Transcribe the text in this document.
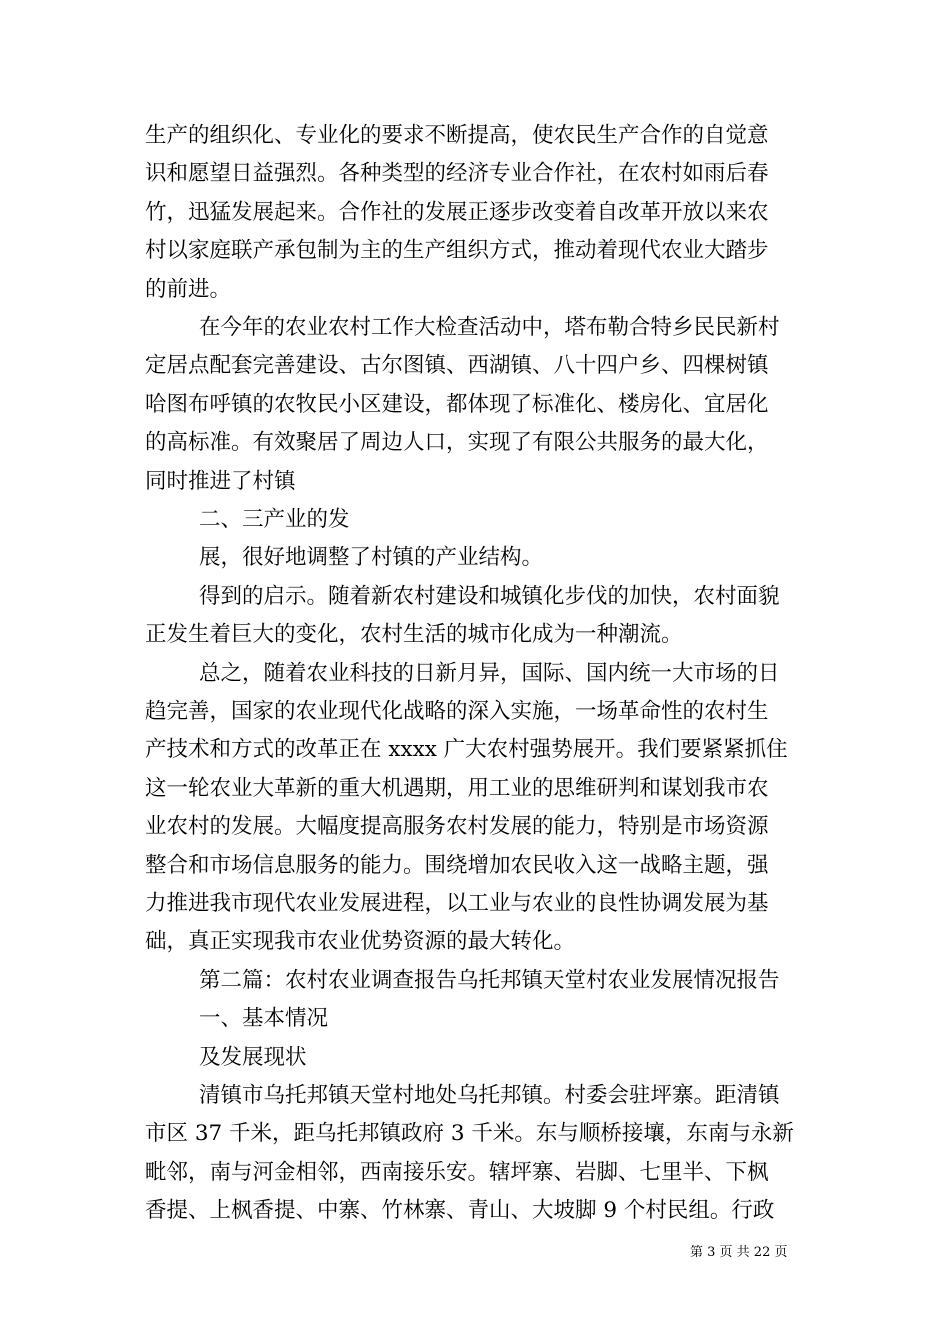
生产的组织化、专业化的要求不断提高，使农民生产合作的自觉意
识和愿望日益强烈。各种类型的经济专业合作社，在农村如雨后春
竹，迅猛发展起来。合作社的发展正逐步改变着自改革开放以来农
村以家庭联产承包制为主的生产组织方式，推动着现代农业大踏步
的前进。
在今年的农业农村工作大检查活动中，塔布勒合特乡民民新村
定居点配套完善建设、古尔图镇、西湖镇、八十四户乡、四棵树镇
哈图布呼镇的农牧民小区建设，都体现了标准化、楼房化、宜居化
的高标准。有效聚居了周边人口，实现了有限公共服务的最大化，
同时推进了村镇
二、三产业的发
展，很好地调整了村镇的产业结构。
得到的启示。随着新农村建设和城镇化步伐的加快，农村面貌
正发生着巨大的变化，农村生活的城市化成为一种潮流。
总之，随着农业科技的日新月异，国际、国内统一大市场的日
趋完善，国家的农业现代化战略的深入实施，一场革命性的农村生
产技术和方式的改革正在 xxxx 广大农村强势展开。我们要紧紧抓住
这一轮农业大革新的重大机遇期，用工业的思维研判和谋划我市农
业农村的发展。大幅度提高服务农村发展的能力，特别是市场资源
整合和市场信息服务的能力。围绕增加农民收入这一战略主题，强
力推进我市现代农业发展进程，以工业与农业的良性协调发展为基
础，真正实现我市农业优势资源的最大转化。
第二篇：农村农业调查报告乌托邦镇天堂村农业发展情况报告
一、基本情况
及发展现状
清镇市乌托邦镇天堂村地处乌托邦镇。村委会驻坪寨。距清镇
市区 37 千米，距乌托邦镇政府 3 千米。东与顺桥接壤，东南与永新
毗邻，南与河金相邻，西南接乐安。辖坪寨、岩脚、七里半、下枫
香提、上枫香提、中寨、竹林寨、青山、大坡脚 9 个村民组。行政
第 3 页 共 22 页
